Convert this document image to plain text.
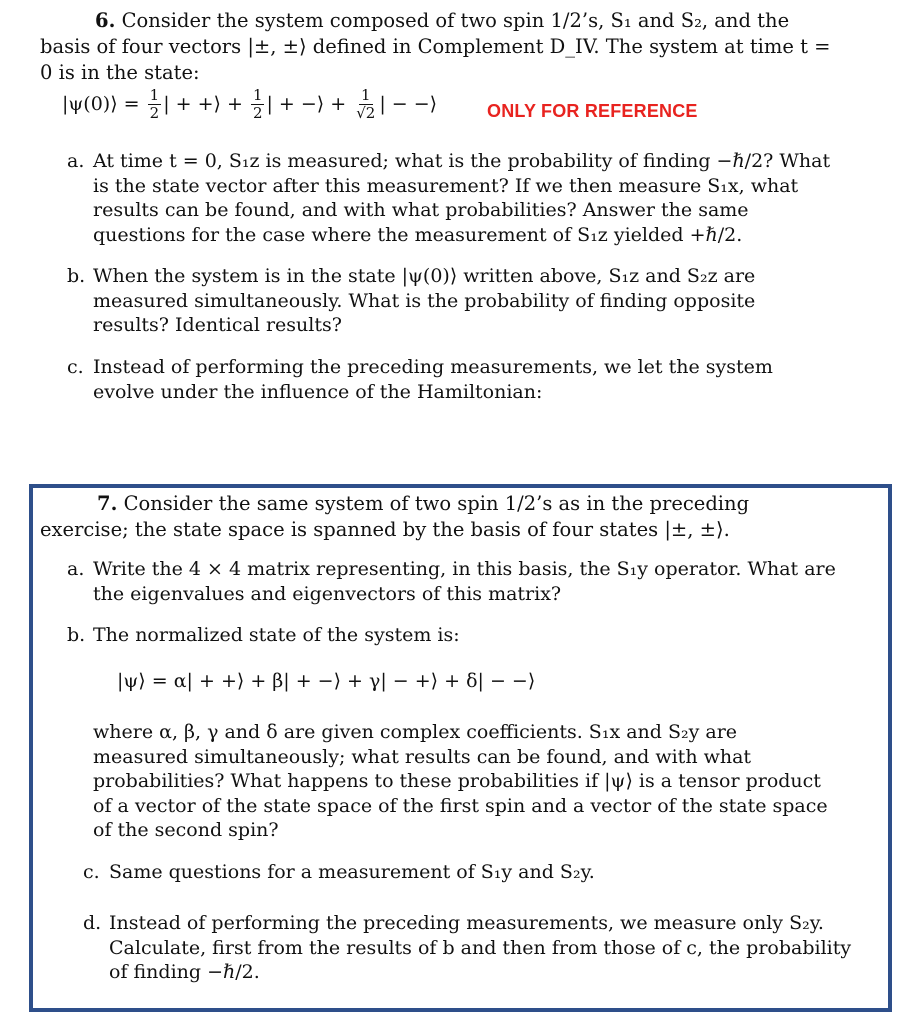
6. Consider the system composed of two spin 1/2’s, S₁ and S₂, and the basis of four vectors |±, ±⟩ defined in Complement D_IV. The system at time t = 0 is in the state:

|ψ(0)⟩ =
$\frac{1}{2}$ | + +⟩ +
$\frac{1}{2}$ | + −⟩ +
$\frac{1}{√2}$ | − −⟩	ONLY FOR REFERENCE
a. At time t = 0, S₁z is measured; what is the probability of finding −ℏ/2? What is the state vector after this measurement? If we then measure S₁x, what results can be found, and with what probabilities? Answer the same questions for the case where the measurement of S₁z yielded +ℏ/2.
b. When the system is in the state |ψ(0)⟩ written above, S₁z and S₂z are measured simultaneously. What is the probability of finding opposite results? Identical results?
c. Instead of performing the preceding measurements, we let the system evolve under the influence of the Hamiltonian:

7. Consider the same system of two spin 1/2’s as in the preceding exercise; the state space is spanned by the basis of four states |±, ±⟩.

a. Write the 4 × 4 matrix representing, in this basis, the S₁y operator. What are the eigenvalues and eigenvectors of this matrix?
b. The normalized state of the system is:
|ψ⟩ = α| + +⟩ + β| + −⟩ + γ| − +⟩ + δ| − −⟩

where α, β, γ and δ are given complex coefficients. S₁x and S₂y are measured simultaneously; what results can be found, and with what probabilities? What happens to these probabilities if |ψ⟩ is a tensor product of a vector of the state space of the first spin and a vector of the state space of the second spin?

c. Same questions for a measurement of S₁y and S₂y.
d. Instead of performing the preceding measurements, we measure only S₂y. Calculate, first from the results of b and then from those of c, the probability of finding −ℏ/2.
